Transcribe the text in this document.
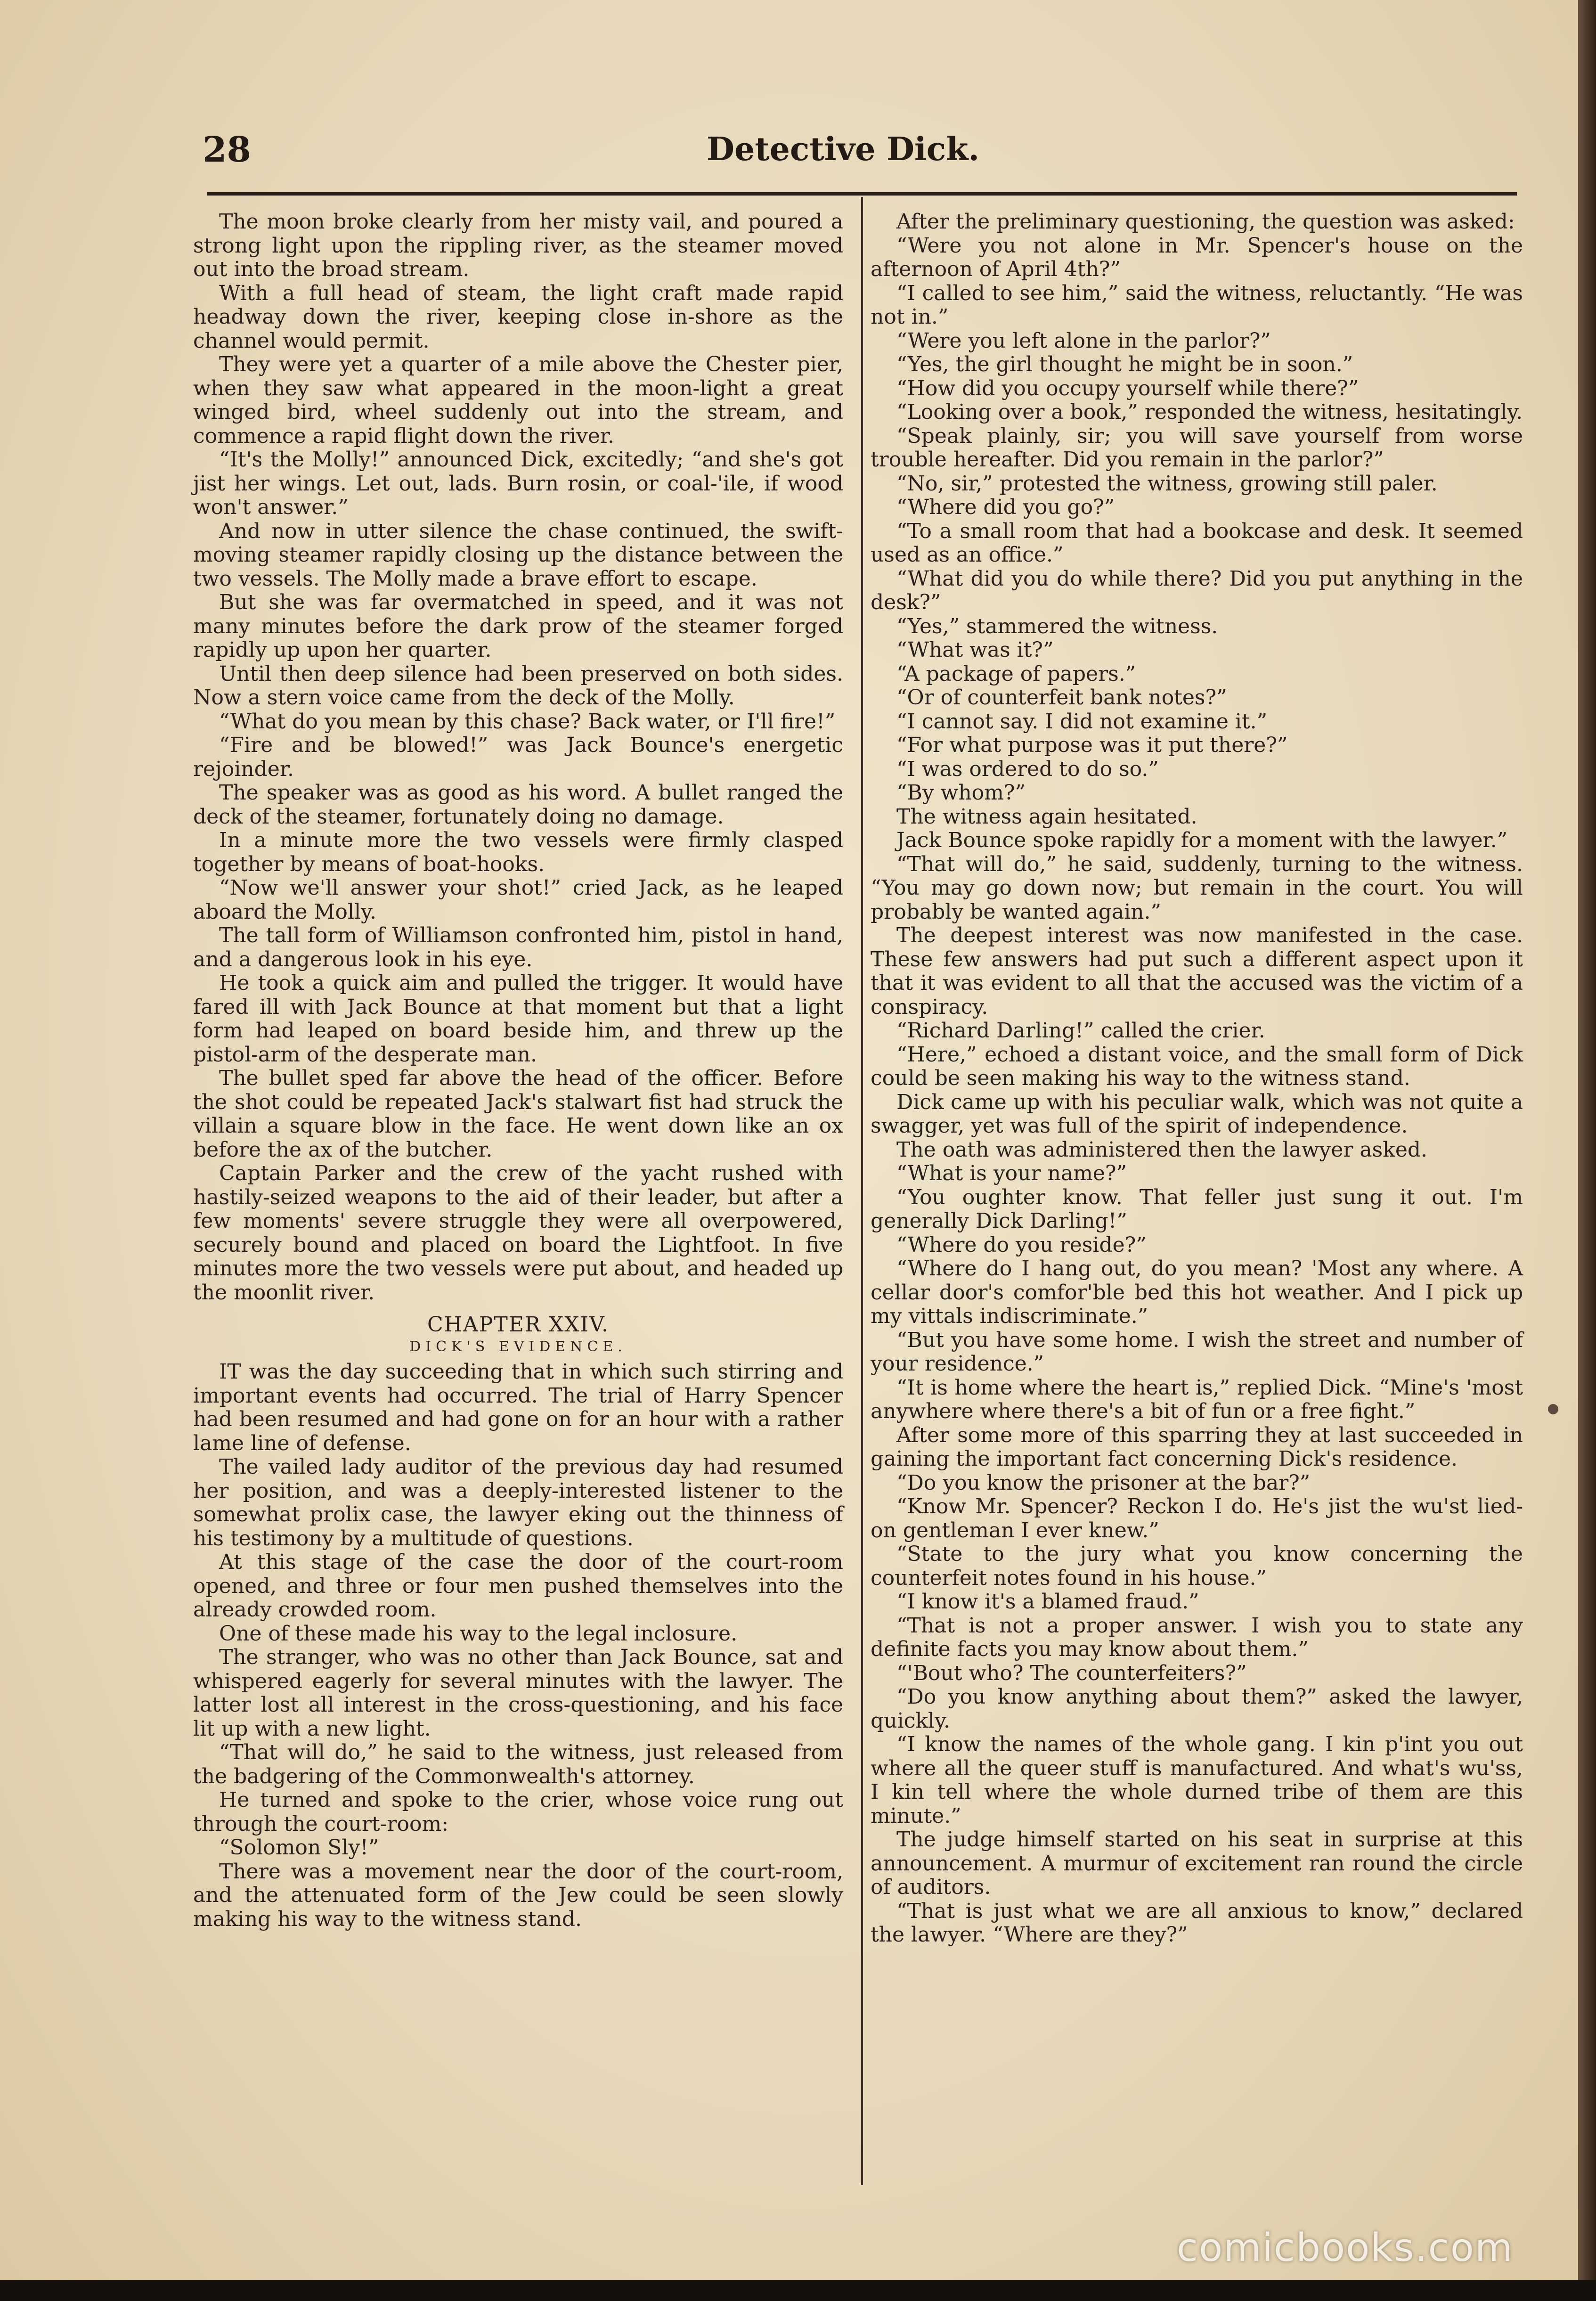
28	Detective Dick.

The moon broke clearly from her misty vail, and poured a strong light upon the rippling river, as the steamer moved out into the broad stream.

With a full head of steam, the light craft made rapid headway down the river, keeping close in-shore as the channel would permit.

They were yet a quarter of a mile above the Chester pier, when they saw what appeared in the moon-light a great winged bird, wheel suddenly out into the stream, and commence a rapid flight down the river.

“It's the Molly!” announced Dick, excitedly; “and she's got jist her wings. Let out, lads. Burn rosin, or coal-'ile, if wood won't answer.”

And now in utter silence the chase continued, the swift-moving steamer rapidly closing up the distance between the two vessels. The Molly made a brave effort to escape.

But she was far overmatched in speed, and it was not many minutes before the dark prow of the steamer forged rapidly up upon her quarter.

Until then deep silence had been preserved on both sides. Now a stern voice came from the deck of the Molly.

“What do you mean by this chase? Back water, or I'll fire!”

“Fire and be blowed!” was Jack Bounce's energetic rejoinder.

The speaker was as good as his word. A bullet ranged the deck of the steamer, fortunately doing no damage.

In a minute more the two vessels were firmly clasped together by means of boat-hooks.

“Now we'll answer your shot!” cried Jack, as he leaped aboard the Molly.

The tall form of Williamson confronted him, pistol in hand, and a dangerous look in his eye.

He took a quick aim and pulled the trigger. It would have fared ill with Jack Bounce at that moment but that a light form had leaped on board beside him, and threw up the pistol-arm of the desperate man.

The bullet sped far above the head of the officer. Before the shot could be repeated Jack's stalwart fist had struck the villain a square blow in the face. He went down like an ox before the ax of the butcher.

Captain Parker and the crew of the yacht rushed with hastily-seized weapons to the aid of their leader, but after a few moments' severe struggle they were all overpowered, securely bound and placed on board the Lightfoot. In five minutes more the two vessels were put about, and headed up the moonlit river.

CHAPTER XXIV.
DICK'S EVIDENCE.

IT was the day succeeding that in which such stirring and important events had occurred. The trial of Harry Spencer had been resumed and had gone on for an hour with a rather lame line of defense.

The vailed lady auditor of the previous day had resumed her position, and was a deeply-interested listener to the somewhat prolix case, the lawyer eking out the thinness of his testimony by a multitude of questions.

At this stage of the case the door of the court-room opened, and three or four men pushed themselves into the already crowded room.

One of these made his way to the legal inclosure.

The stranger, who was no other than Jack Bounce, sat and whispered eagerly for several minutes with the lawyer. The latter lost all interest in the cross-questioning, and his face lit up with a new light.

“That will do,” he said to the witness, just released from the badgering of the Commonwealth's attorney.

He turned and spoke to the crier, whose voice rung out through the court-room:

“Solomon Sly!”

There was a movement near the door of the court-room, and the attenuated form of the Jew could be seen slowly making his way to the witness stand.

After the preliminary questioning, the question was asked:

“Were you not alone in Mr. Spencer's house on the afternoon of April 4th?”

“I called to see him,” said the witness, reluctantly. “He was not in.”

“Were you left alone in the parlor?”

“Yes, the girl thought he might be in soon.”

“How did you occupy yourself while there?”

“Looking over a book,” responded the witness, hesitatingly.

“Speak plainly, sir; you will save yourself from worse trouble hereafter. Did you remain in the parlor?”

“No, sir,” protested the witness, growing still paler.

“Where did you go?”

“To a small room that had a bookcase and desk. It seemed used as an office.”

“What did you do while there? Did you put anything in the desk?”

“Yes,” stammered the witness.

“What was it?”

“A package of papers.”

“Or of counterfeit bank notes?”

“I cannot say. I did not examine it.”

“For what purpose was it put there?”

“I was ordered to do so.”

“By whom?”

The witness again hesitated.

Jack Bounce spoke rapidly for a moment with the lawyer.”

“That will do,” he said, suddenly, turning to the witness. “You may go down now; but remain in the court. You will probably be wanted again.”

The deepest interest was now manifested in the case. These few answers had put such a different aspect upon it that it was evident to all that the accused was the victim of a conspiracy.

“Richard Darling!” called the crier.

“Here,” echoed a distant voice, and the small form of Dick could be seen making his way to the witness stand.

Dick came up with his peculiar walk, which was not quite a swagger, yet was full of the spirit of independence.

The oath was administered then the lawyer asked.

“What is your name?”

“You oughter know. That feller just sung it out. I'm generally Dick Darling!”

“Where do you reside?”

“Where do I hang out, do you mean? 'Most any where. A cellar door's comfor'ble bed this hot weather. And I pick up my vittals indiscriminate.”

“But you have some home. I wish the street and number of your residence.”

“It is home where the heart is,” replied Dick. “Mine's 'most anywhere where there's a bit of fun or a free fight.”

After some more of this sparring they at last succeeded in gaining the important fact concerning Dick's residence.

“Do you know the prisoner at the bar?”

“Know Mr. Spencer? Reckon I do. He's jist the wu'st lied-on gentleman I ever knew.”

“State to the jury what you know concerning the counterfeit notes found in his house.”

“I know it's a blamed fraud.”

“That is not a proper answer. I wish you to state any definite facts you may know about them.”

“'Bout who? The counterfeiters?”

“Do you know anything about them?” asked the lawyer, quickly.

“I know the names of the whole gang. I kin p'int you out where all the queer stuff is manufactured. And what's wu'ss, I kin tell where the whole durned tribe of them are this minute.”

The judge himself started on his seat in surprise at this announcement. A murmur of excitement ran round the circle of auditors.

“That is just what we are all anxious to know,” declared the lawyer. “Where are they?”

comicbooks.com
